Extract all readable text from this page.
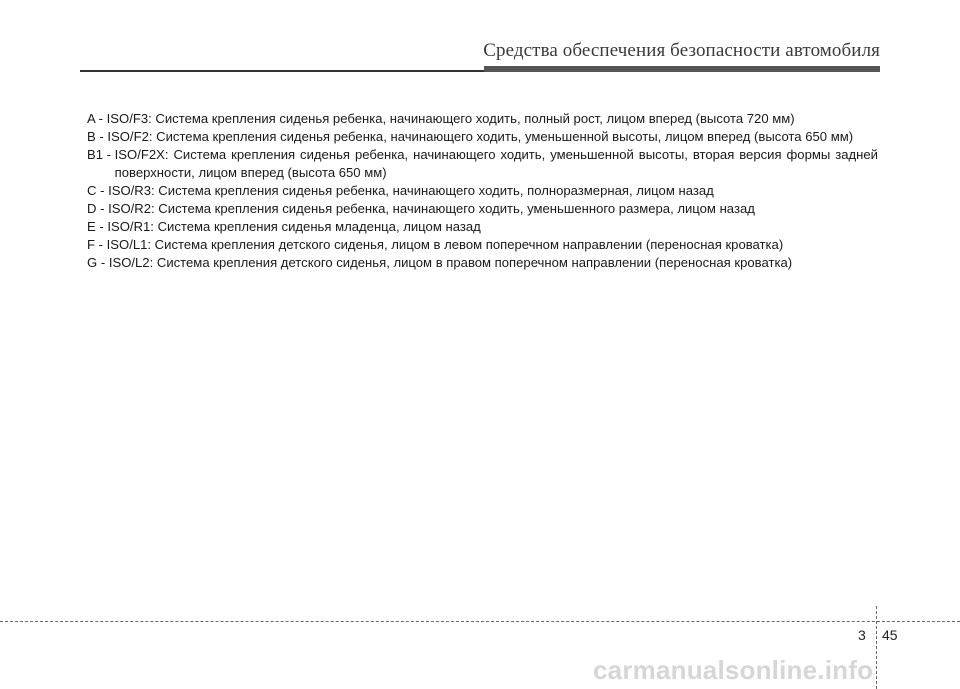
Средства обеспечения безопасности автомобиля
A - ISO/F3: Система крепления сиденья ребенка, начинающего ходить, полный рост, лицом вперед (высота 720 мм)
B - ISO/F2: Система крепления сиденья ребенка, начинающего ходить, уменьшенной высоты, лицом вперед (высота 650 мм)
B1 - ISO/F2X: Система крепления сиденья ребенка, начинающего ходить, уменьшенной высоты, вторая версия формы задней поверхности, лицом вперед (высота 650 мм)
C - ISO/R3: Система крепления сиденья ребенка, начинающего ходить, полноразмерная, лицом назад
D - ISO/R2: Система крепления сиденья ребенка, начинающего ходить, уменьшенного размера, лицом назад
E - ISO/R1: Система крепления сиденья младенца, лицом назад
F - ISO/L1: Система крепления детского сиденья, лицом в левом поперечном направлении (переносная кроватка)
G - ISO/L2: Система крепления детского сиденья, лицом в правом поперечном направлении (переносная кроватка)
3 45
carmanualsonline.info
